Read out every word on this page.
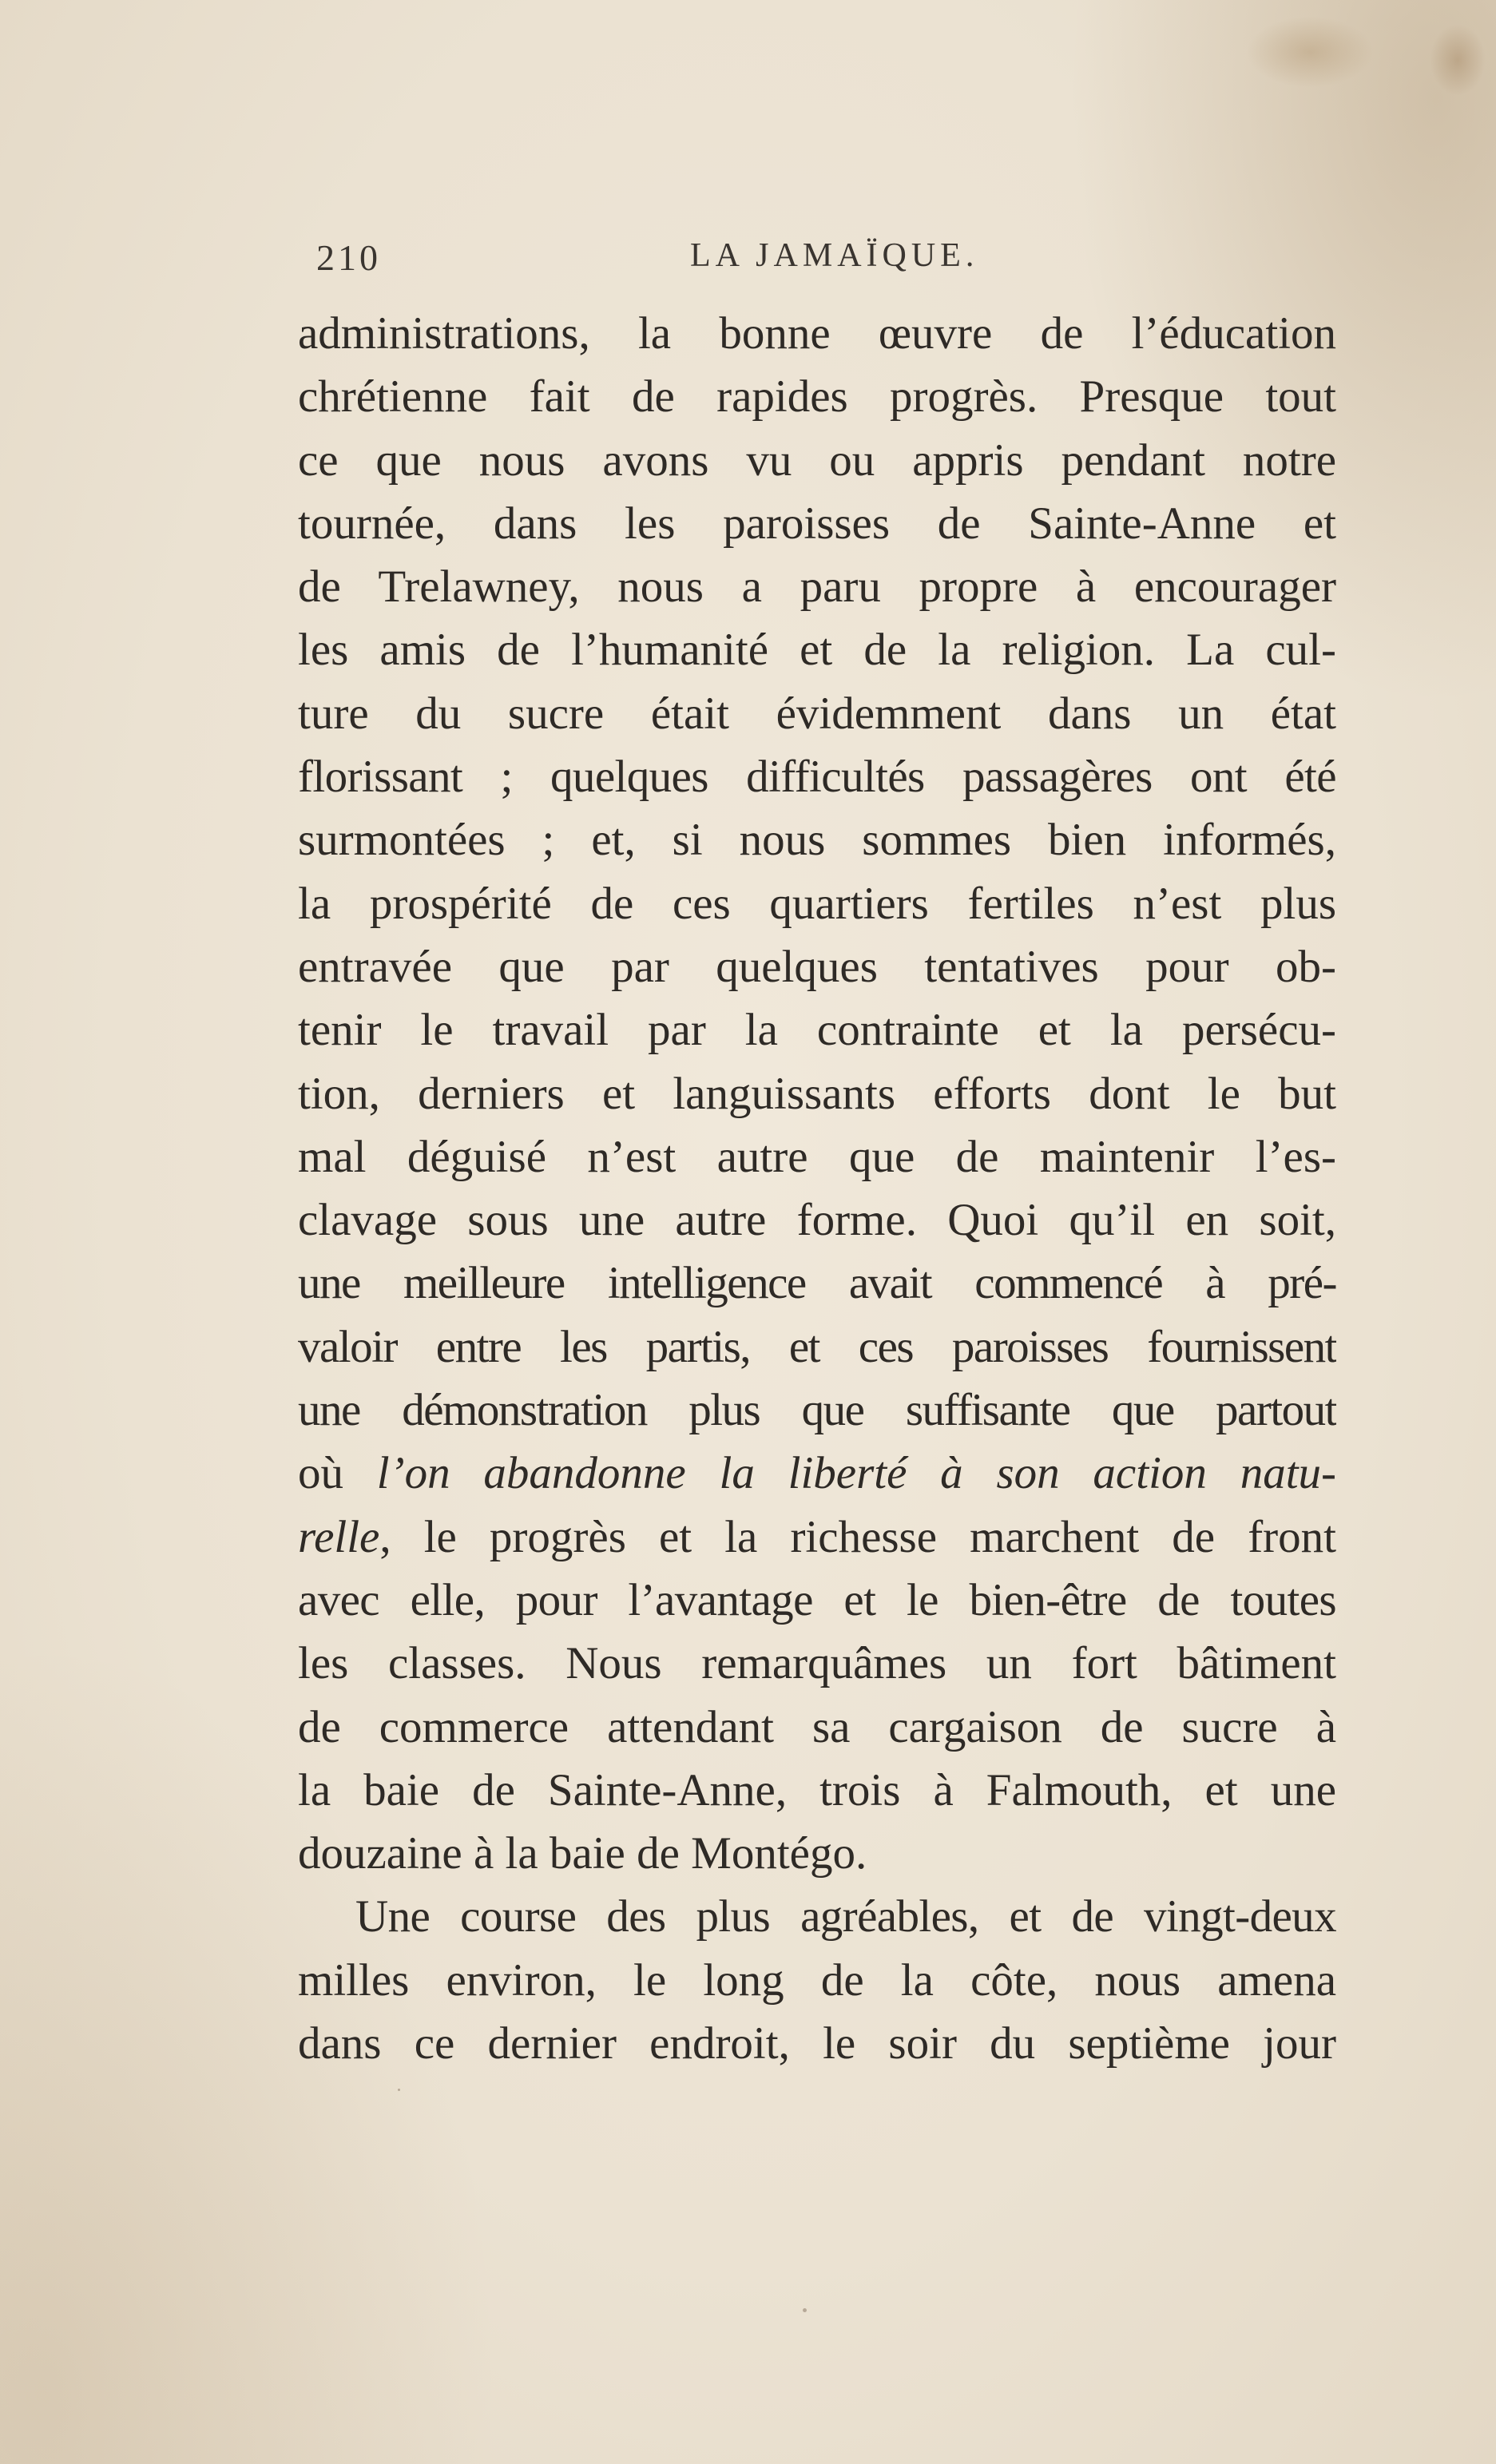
210	LA JAMAÏQUE.
administrations, la bonne œuvre de l’éducation
chrétienne fait de rapides progrès. Presque tout
ce que nous avons vu ou appris pendant notre
tournée, dans les paroisses de Sainte-Anne et
de Trelawney, nous a paru propre à encourager
les amis de l’humanité et de la religion. La cul-
ture du sucre était évidemment dans un état
florissant ; quelques difficultés passagères ont été
surmontées ; et, si nous sommes bien informés,
la prospérité de ces quartiers fertiles n’est plus
entravée que par quelques tentatives pour ob-
tenir le travail par la contrainte et la persécu-
tion, derniers et languissants efforts dont le but
mal déguisé n’est autre que de maintenir l’es-
clavage sous une autre forme. Quoi qu’il en soit,
une meilleure intelligence avait commencé à pré-
valoir entre les partis, et ces paroisses fournissent
une démonstration plus que suffisante que partout
où l’on abandonne la liberté à son action natu-
relle, le progrès et la richesse marchent de front
avec elle, pour l’avantage et le bien-être de toutes
les classes. Nous remarquâmes un fort bâtiment
de commerce attendant sa cargaison de sucre à
la baie de Sainte-Anne, trois à Falmouth, et une
douzaine à la baie de Montégo.
Une course des plus agréables, et de vingt-deux
milles environ, le long de la côte, nous amena
dans ce dernier endroit, le soir du septième jour
